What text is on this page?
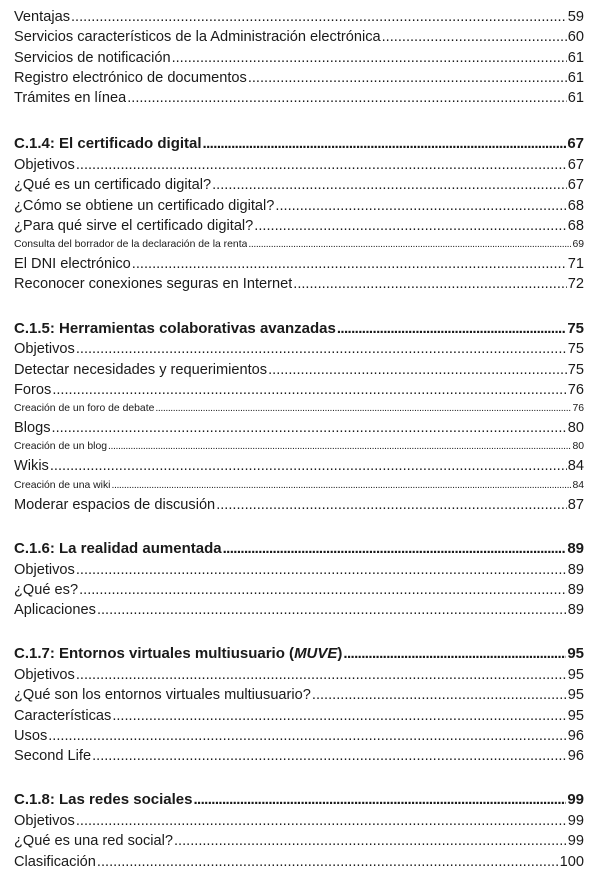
Ventajas .....	59
Servicios característicos de la Administración electrónica .....	60
Servicios de notificación .....	61
Registro electrónico de documentos .....	61
Trámites en línea .....	61
C.1.4: El certificado digital .....	67
Objetivos .....	67
¿Qué es un certificado digital? .....	67
¿Cómo se obtiene un certificado digital? .....	68
¿Para qué sirve el certificado digital? .....	68
Consulta del borrador de la declaración de la renta .....	69
El DNI electrónico .....	71
Reconocer conexiones seguras en Internet .....	72
C.1.5: Herramientas colaborativas avanzadas .....	75
Objetivos .....	75
Detectar necesidades y requerimientos .....	75
Foros .....	76
Creación de un foro de debate .....	76
Blogs .....	80
Creación de un blog .....	80
Wikis .....	84
Creación de una wiki .....	84
Moderar espacios de discusión .....	87
C.1.6: La realidad aumentada .....	89
Objetivos .....	89
¿Qué es? .....	89
Aplicaciones .....	89
C.1.7: Entornos virtuales multiusuario (MUVE) .....	95
Objetivos .....	95
¿Qué son los entornos virtuales multiusuario? .....	95
Características .....	95
Usos .....	96
Second Life .....	96
C.1.8: Las redes sociales .....	99
Objetivos .....	99
¿Qué es una red social? .....	99
Clasificación .....	100
